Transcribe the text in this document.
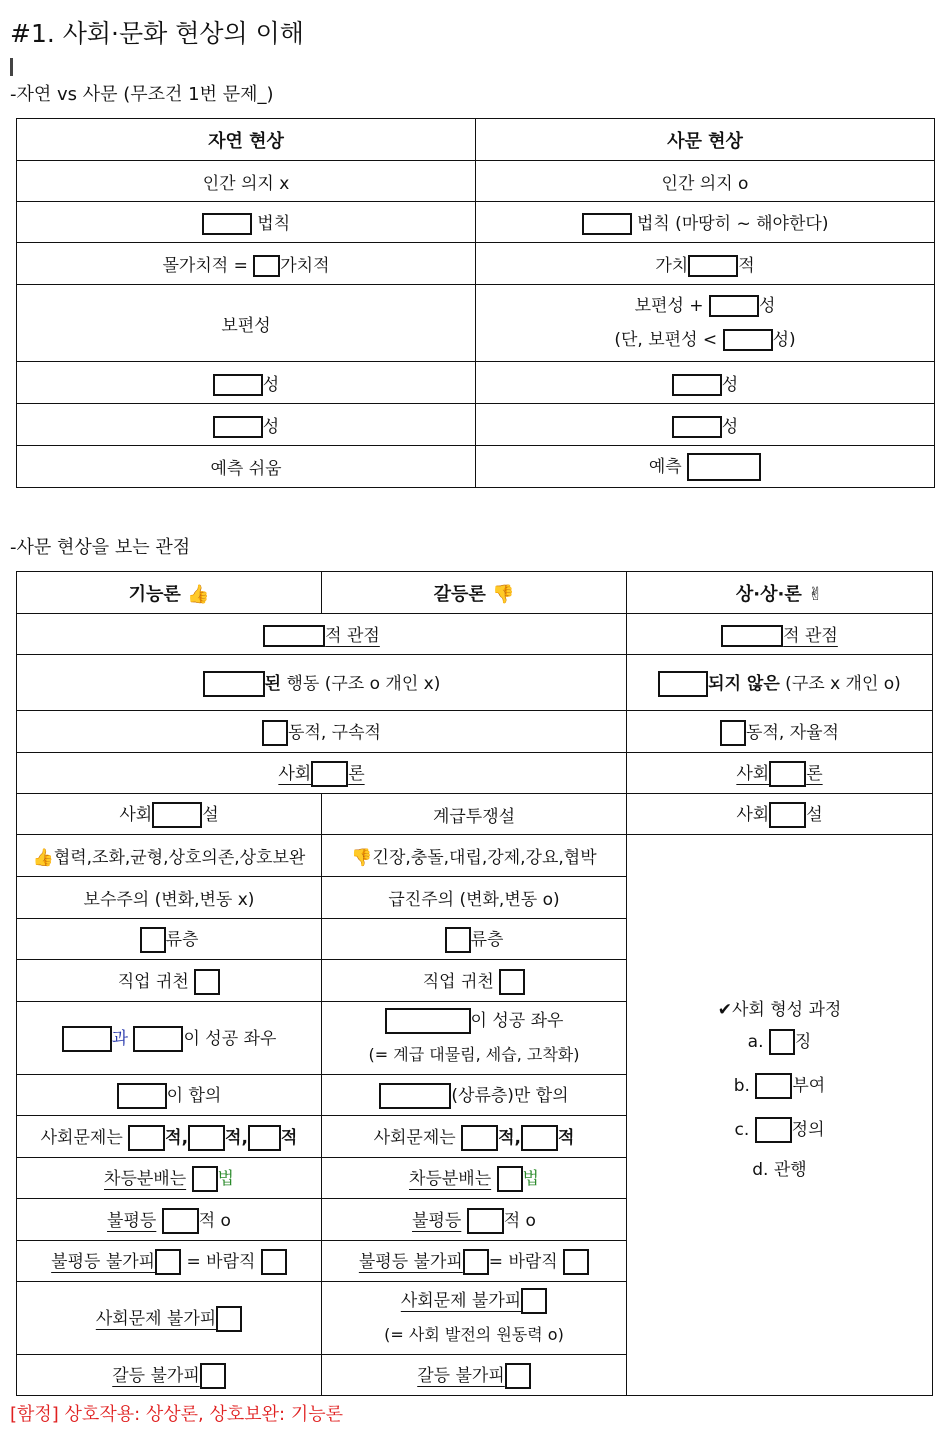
#1. 사회·문화 현상의 이해
-자연 vs 사문 (무조건 1번 문제_)
자연 현상	사문 현상
인간 의지 x	인간 의지 o
법칙	법칙 (마땅히 ~ 해야한다)
몰가치적 = 가치적	가치 적
보편성	보편성 + 성
(단, 보편성 < 성)

성	성
성	성
예측 쉬움	예측
-사문 현상을 보는 관점
기능론 👍	갈등론 👎	상·상·론 ✌
적 관점		적 관점
된 행동 (구조 o 개인 x)		되지 않은 (구조 x 개인 o)
동적, 구속적		동적, 자율적
사회 론		사회 론
사회 설	계급투쟁설	사회 설
👍협력,조화,균형,상호의존,상호보완	👎긴장,충돌,대립,강제,강요,협박	✔사회 형성 과정
a. 징
b. 부여
c. 정의
d. 관행

보수주의 (변화,변동 x)	급진주의 (변화,변동 o)	
류층	류층	
직업 귀천	직업 귀천	
과 이 성공 좌우	이 성공 좌우
(= 계급 대물림, 세습, 고착화)	

이 합의	(상류층)만 합의	
사회문제는 적, 적, 적	사회문제는 적, 적	
차등분배는 법	차등분배는 법	
불평등 적 o	불평등 적 o	
불평등 불가피 = 바람직	불평등 불가피 = 바람직	
사회문제 불가피	사회문제 불가피
(= 사회 발전의 원동력 o)	

갈등 불가피	갈등 불가피	
[함정] 상호작용: 상상론, 상호보완: 기능론
